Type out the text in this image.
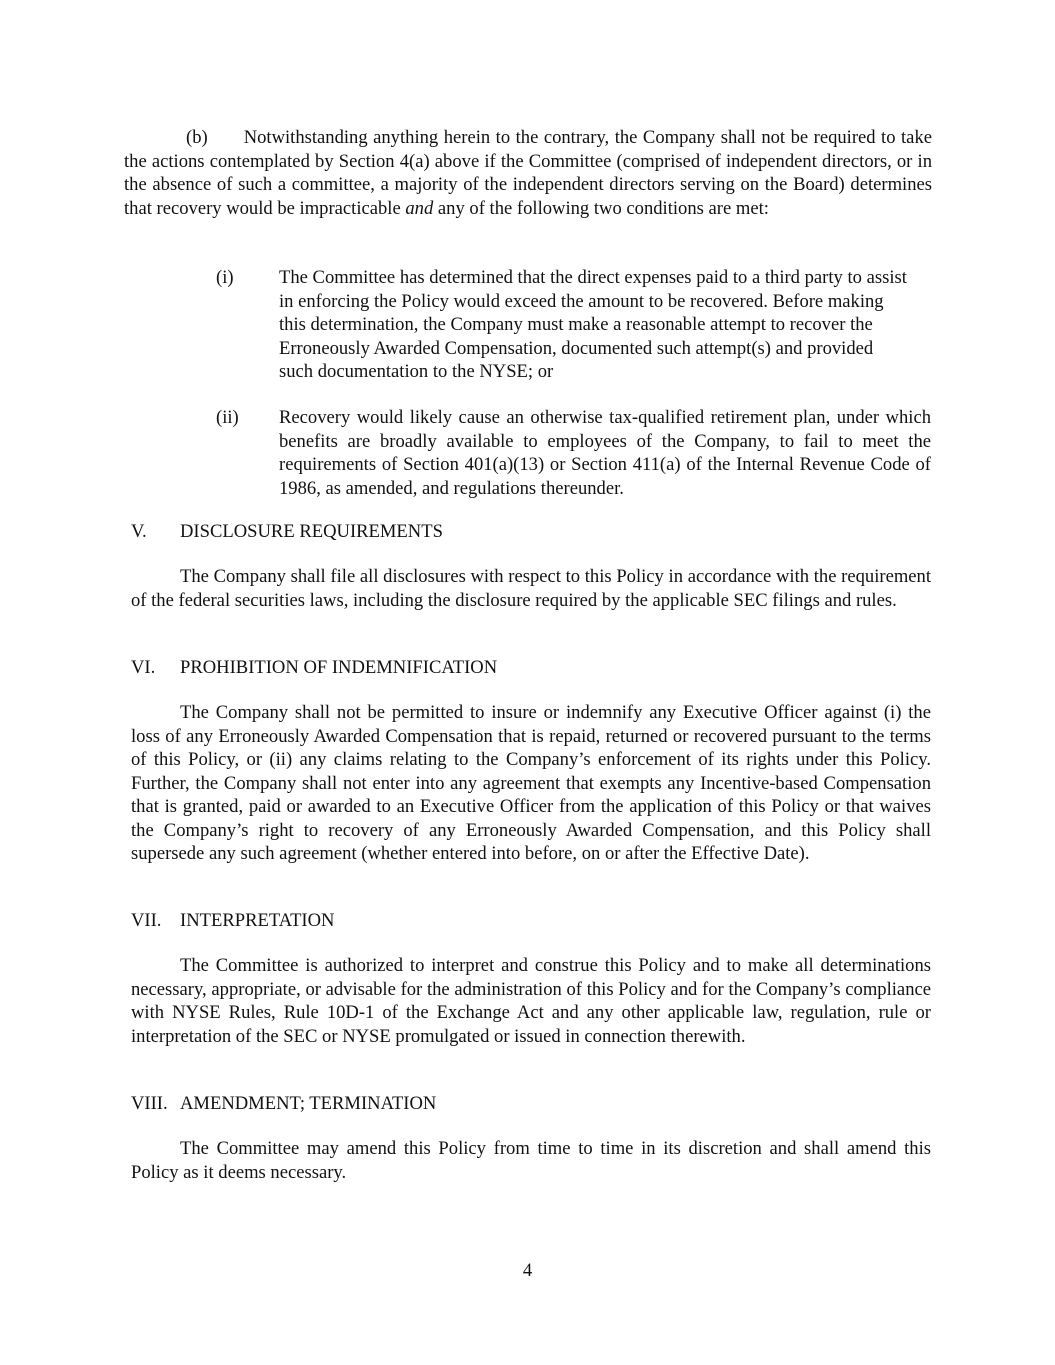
(b) Notwithstanding anything herein to the contrary, the Company shall not be required to take the actions contemplated by Section 4(a) above if the Committee (comprised of independent directors, or in the absence of such a committee, a majority of the independent directors serving on the Board) determines that recovery would be impracticable and any of the following two conditions are met:

(i) The Committee has determined that the direct expenses paid to a third party to assist in enforcing the Policy would exceed the amount to be recovered. Before making this determination, the Company must make a reasonable attempt to recover the Erroneously Awarded Compensation, documented such attempt(s) and provided such documentation to the NYSE; or
(ii) Recovery would likely cause an otherwise tax-qualified retirement plan, under which benefits are broadly available to employees of the Company, to fail to meet the requirements of Section 401(a)(13) or Section 411(a) of the Internal Revenue Code of 1986, as amended, and regulations thereunder.

V. DISCLOSURE REQUIREMENTS

The Company shall file all disclosures with respect to this Policy in accordance with the requirement of the federal securities laws, including the disclosure required by the applicable SEC filings and rules.

VI. PROHIBITION OF INDEMNIFICATION

The Company shall not be permitted to insure or indemnify any Executive Officer against (i) the loss of any Erroneously Awarded Compensation that is repaid, returned or recovered pursuant to the terms of this Policy, or (ii) any claims relating to the Company’s enforcement of its rights under this Policy. Further, the Company shall not enter into any agreement that exempts any Incentive-based Compensation that is granted, paid or awarded to an Executive Officer from the application of this Policy or that waives the Company’s right to recovery of any Erroneously Awarded Compensation, and this Policy shall supersede any such agreement (whether entered into before, on or after the Effective Date).

VII. INTERPRETATION

The Committee is authorized to interpret and construe this Policy and to make all determinations necessary, appropriate, or advisable for the administration of this Policy and for the Company’s compliance with NYSE Rules, Rule 10D-1 of the Exchange Act and any other applicable law, regulation, rule or interpretation of the SEC or NYSE promulgated or issued in connection therewith.

VIII. AMENDMENT; TERMINATION

The Committee may amend this Policy from time to time in its discretion and shall amend this Policy as it deems necessary.

4
